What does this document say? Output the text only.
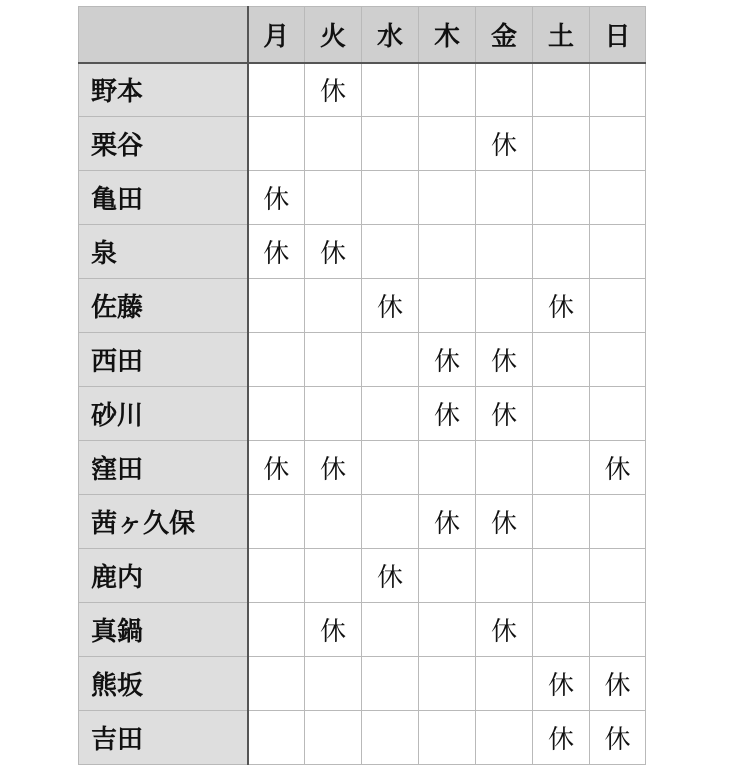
	月	火	水	木	金	土	日
野本		休					
栗谷					休		
亀田	休						
泉	休	休					
佐藤			休			休	
西田				休	休		
砂川				休	休		
窪田	休	休					休
茜ヶ久保				休	休		
鹿内			休				
真鍋		休			休		
熊坂						休	休
吉田						休	休
